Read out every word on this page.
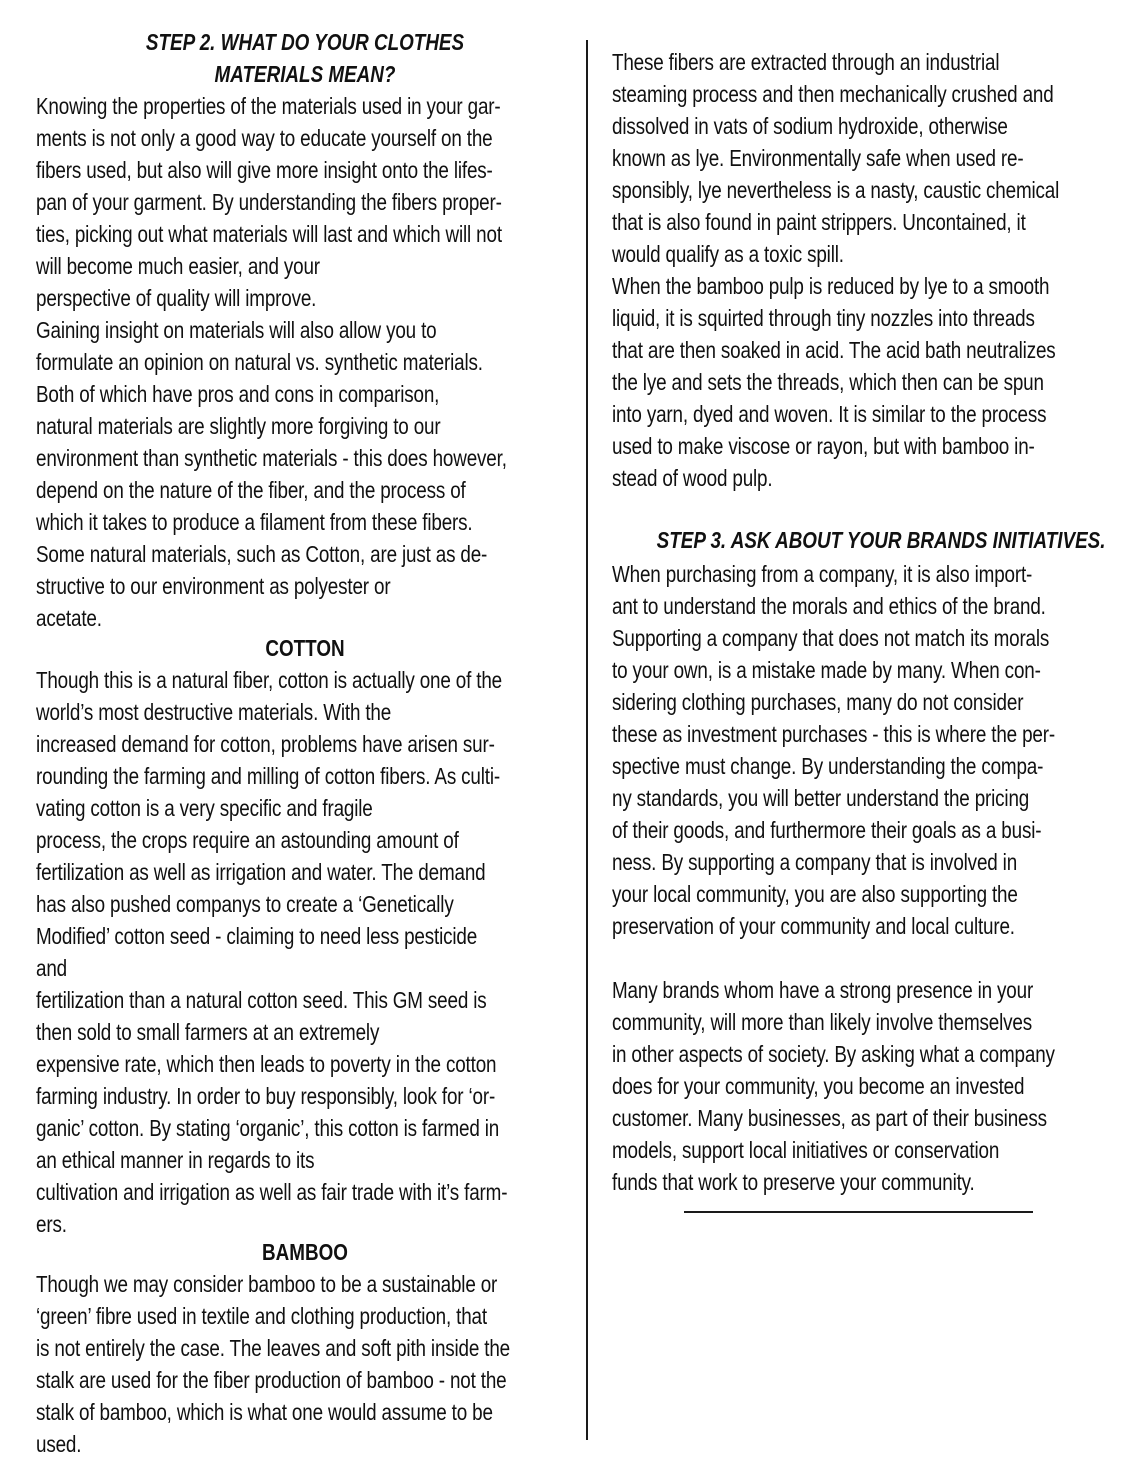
STEP 2. WHAT DO YOUR CLOTHES
MATERIALS MEAN?
Knowing the properties of the materials used in your gar-
ments is not only a good way to educate yourself on the
fibers used, but also will give more insight onto the lifes-
pan of your garment. By understanding the fibers proper-
ties, picking out what materials will last and which will not
will become much easier, and your
perspective of quality will improve.
Gaining insight on materials will also allow you to
formulate an opinion on natural vs. synthetic materials.
Both of which have pros and cons in comparison,
natural materials are slightly more forgiving to our
environment than synthetic materials - this does however,
depend on the nature of the fiber, and the process of
which it takes to produce a filament from these fibers.
Some natural materials, such as Cotton, are just as de-
structive to our environment as polyester or
acetate.
COTTON
Though this is a natural fiber, cotton is actually one of the
world’s most destructive materials. With the
increased demand for cotton, problems have arisen sur-
rounding the farming and milling of cotton fibers. As culti-
vating cotton is a very specific and fragile
process, the crops require an astounding amount of
fertilization as well as irrigation and water. The demand
has also pushed companys to create a ‘Genetically
Modified’ cotton seed - claiming to need less pesticide
and
fertilization than a natural cotton seed. This GM seed is
then sold to small farmers at an extremely
expensive rate, which then leads to poverty in the cotton
farming industry. In order to buy responsibly, look for ‘or-
ganic’ cotton. By stating ‘organic’, this cotton is farmed in
an ethical manner in regards to its
cultivation and irrigation as well as fair trade with it’s farm-
ers.
BAMBOO
Though we may consider bamboo to be a sustainable or
‘green’ fibre used in textile and clothing production, that
is not entirely the case. The leaves and soft pith inside the
stalk are used for the fiber production of bamboo - not the
stalk of bamboo, which is what one would assume to be
used.
These fibers are extracted through an industrial
steaming process and then mechanically crushed and
dissolved in vats of sodium hydroxide, otherwise
known as lye. Environmentally safe when used re-
sponsibly, lye nevertheless is a nasty, caustic chemical
that is also found in paint strippers. Uncontained, it
would qualify as a toxic spill.
When the bamboo pulp is reduced by lye to a smooth
liquid, it is squirted through tiny nozzles into threads
that are then soaked in acid. The acid bath neutralizes
the lye and sets the threads, which then can be spun
into yarn, dyed and woven. It is similar to the process
used to make viscose or rayon, but with bamboo in-
stead of wood pulp.
STEP 3. ASK ABOUT YOUR BRANDS INITIATIVES.
When purchasing from a company, it is also import-
ant to understand the morals and ethics of the brand.
Supporting a company that does not match its morals
to your own, is a mistake made by many. When con-
sidering clothing purchases, many do not consider
these as investment purchases - this is where the per-
spective must change. By understanding the compa-
ny standards, you will better understand the pricing
of their goods, and furthermore their goals as a busi-
ness. By supporting a company that is involved in
your local community, you are also supporting the
preservation of your community and local culture.
Many brands whom have a strong presence in your
community, will more than likely involve themselves
in other aspects of society. By asking what a company
does for your community, you become an invested
customer. Many businesses, as part of their business
models, support local initiatives or conservation
funds that work to preserve your community.
